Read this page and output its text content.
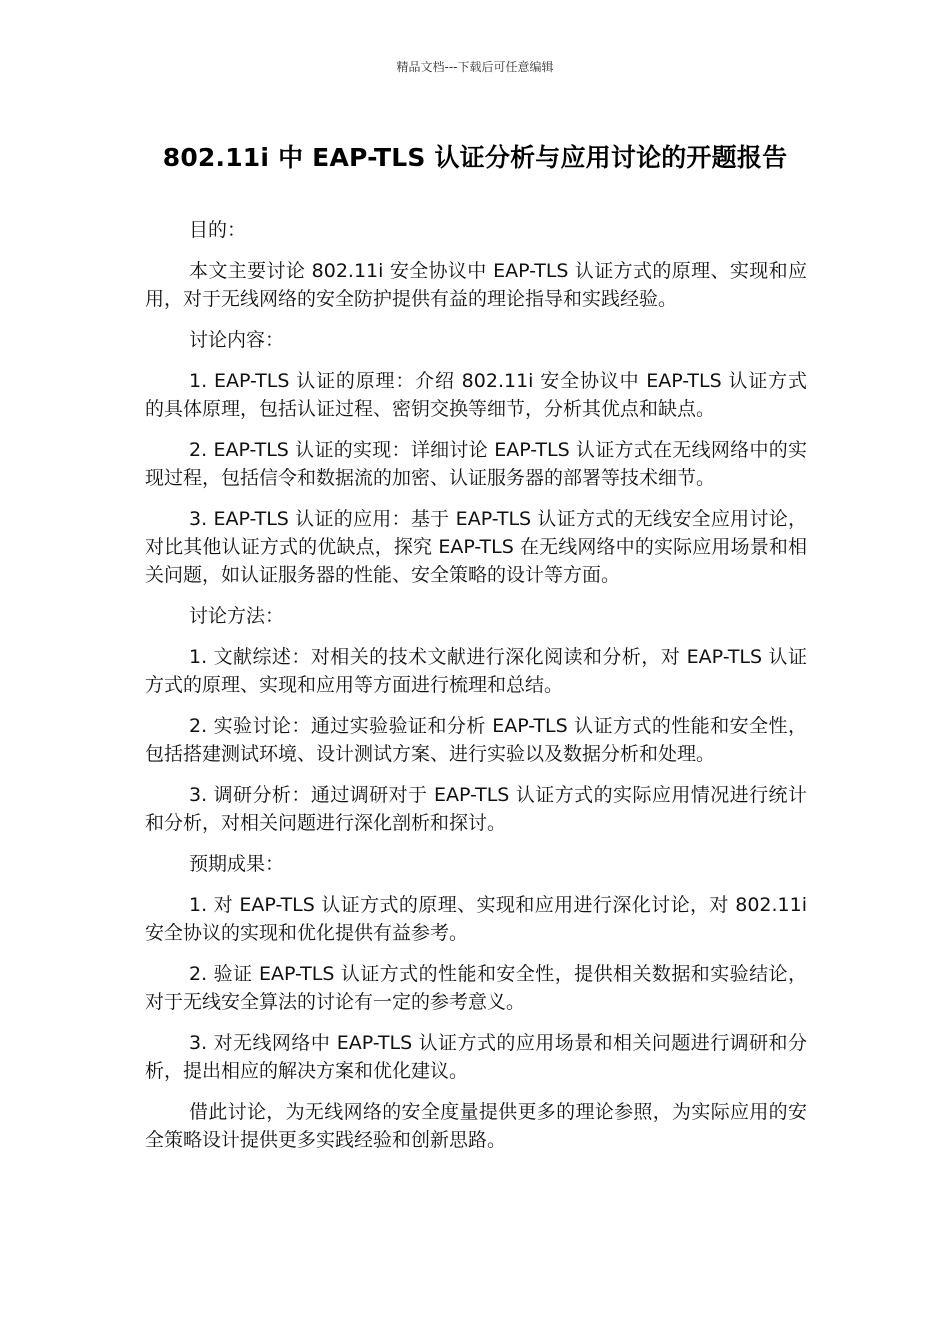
精品文档---下载后可任意编辑
802.11i 中 EAP-TLS 认证分析与应用讨论的开题报告

目的：

本文主要讨论 802.11i 安全协议中 EAP-TLS 认证方式的原理、实现和应用，对于无线网络的安全防护提供有益的理论指导和实践经验。

讨论内容：

1. EAP-TLS 认证的原理：介绍 802.11i 安全协议中 EAP-TLS 认证方式的具体原理，包括认证过程、密钥交换等细节，分析其优点和缺点。

2. EAP-TLS 认证的实现：详细讨论 EAP-TLS 认证方式在无线网络中的实现过程，包括信令和数据流的加密、认证服务器的部署等技术细节。

3. EAP-TLS 认证的应用：基于 EAP-TLS 认证方式的无线安全应用讨论，对比其他认证方式的优缺点，探究 EAP-TLS 在无线网络中的实际应用场景和相关问题，如认证服务器的性能、安全策略的设计等方面。

讨论方法：

1. 文献综述：对相关的技术文献进行深化阅读和分析，对 EAP-TLS 认证方式的原理、实现和应用等方面进行梳理和总结。

2. 实验讨论：通过实验验证和分析 EAP-TLS 认证方式的性能和安全性，包括搭建测试环境、设计测试方案、进行实验以及数据分析和处理。

3. 调研分析：通过调研对于 EAP-TLS 认证方式的实际应用情况进行统计和分析，对相关问题进行深化剖析和探讨。

预期成果：

1. 对 EAP-TLS 认证方式的原理、实现和应用进行深化讨论，对 802.11i 安全协议的实现和优化提供有益参考。

2. 验证 EAP-TLS 认证方式的性能和安全性，提供相关数据和实验结论，对于无线安全算法的讨论有一定的参考意义。

3. 对无线网络中 EAP-TLS 认证方式的应用场景和相关问题进行调研和分析，提出相应的解决方案和优化建议。

借此讨论，为无线网络的安全度量提供更多的理论参照，为实际应用的安全策略设计提供更多实践经验和创新思路。
